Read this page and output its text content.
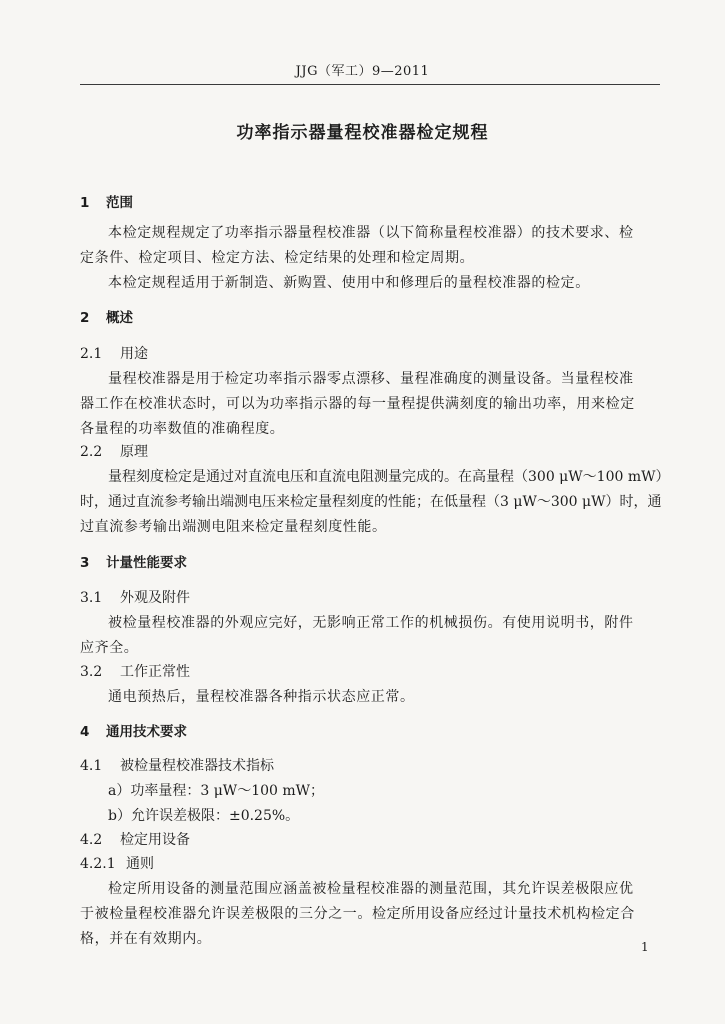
JJG（军工）9—2011
功率指示器量程校准器检定规程
1 范围
本检定规程规定了功率指示器量程校准器（以下简称量程校准器）的技术要求、检
定条件、检定项目、检定方法、检定结果的处理和检定周期。
本检定规程适用于新制造、新购置、使用中和修理后的量程校准器的检定。
2 概述
2.1 用途
量程校准器是用于检定功率指示器零点漂移、量程准确度的测量设备。当量程校准
器工作在校准状态时，可以为功率指示器的每一量程提供满刻度的输出功率，用来检定
各量程的功率数值的准确程度。
2.2 原理
量程刻度检定是通过对直流电压和直流电阻测量完成的。在高量程（300 μW～100 mW）
时，通过直流参考输出端测电压来检定量程刻度的性能；在低量程（3 μW～300 μW）时，通
过直流参考输出端测电阻来检定量程刻度性能。
3 计量性能要求
3.1 外观及附件
被检量程校准器的外观应完好，无影响正常工作的机械损伤。有使用说明书，附件
应齐全。
3.2 工作正常性
通电预热后，量程校准器各种指示状态应正常。
4 通用技术要求
4.1 被检量程校准器技术指标
a）功率量程：3 μW～100 mW；
b）允许误差极限：±0.25%。
4.2 检定用设备
4.2.1 通则
检定所用设备的测量范围应涵盖被检量程校准器的测量范围，其允许误差极限应优
于被检量程校准器允许误差极限的三分之一。检定所用设备应经过计量技术机构检定合
格，并在有效期内。	1
